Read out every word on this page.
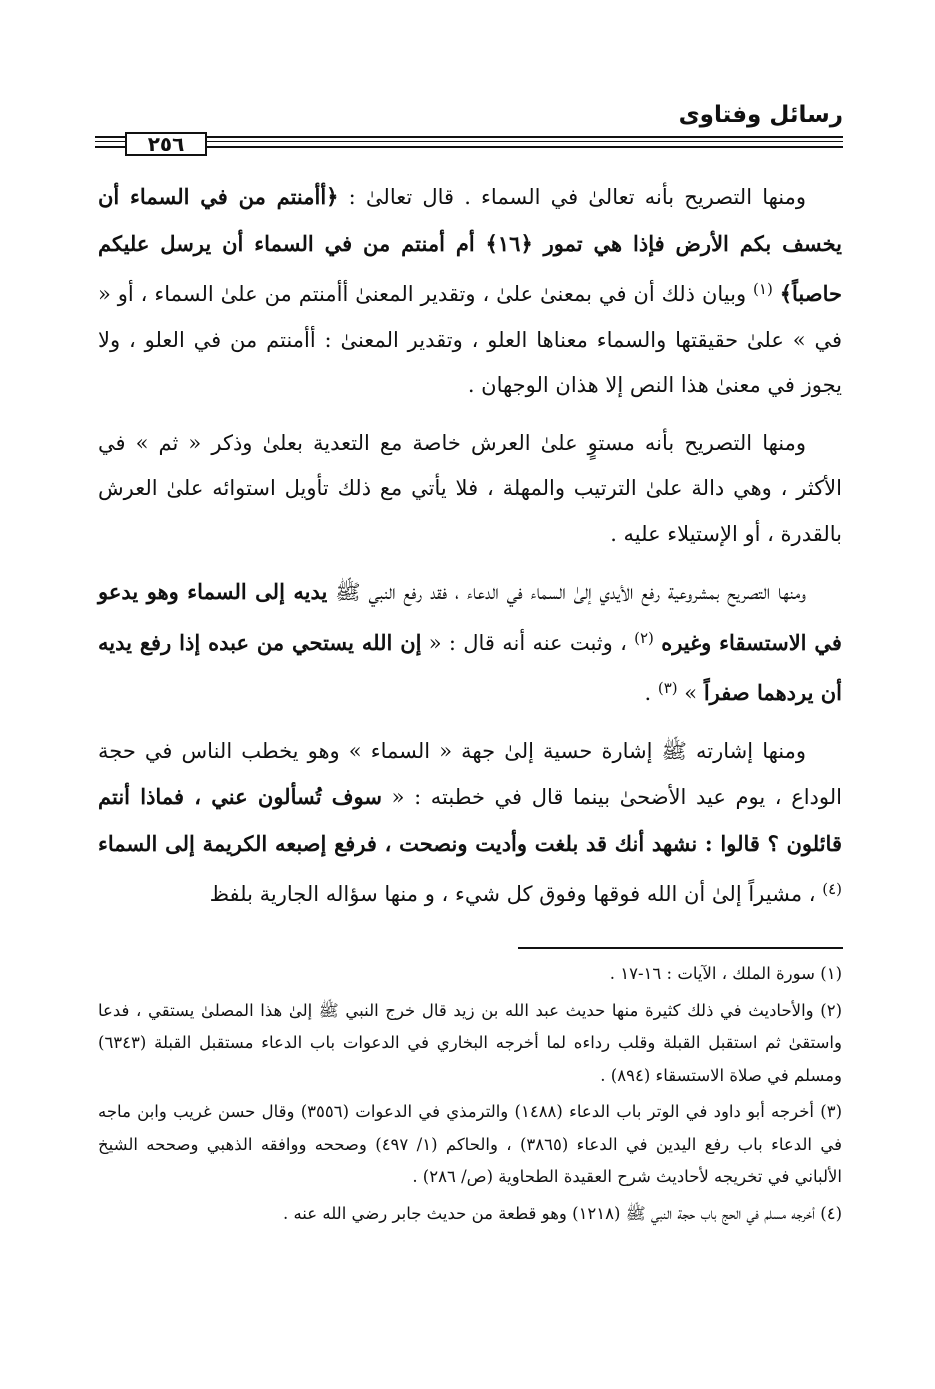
رسائل وفتاوى
٢٥٦

ومنها التصريح بأنه تعالىٰ في السماء . قال تعالىٰ : ﴿أأمنتم من في السماء أن يخسف بكم الأرض فإذا هي تمور ﴿١٦﴾ أم أمنتم من في السماء أن يرسل عليكم حاصباً﴾ $^{(١)}$ وبيان ذلك أن في بمعنىٰ علىٰ ، وتقدير المعنىٰ أأمنتم من علىٰ السماء ، أو « في » علىٰ حقيقتها والسماء معناها العلو ، وتقدير المعنىٰ : أأمنتم من في العلو ، ولا يجوز في معنىٰ هذا النص إلا هذان الوجهان .

ومنها التصريح بأنه مستوٍ علىٰ العرش خاصة مع التعدية بعلىٰ وذكر « ثم » في الأكثر ، وهي دالة علىٰ الترتيب والمهلة ، فلا يأتي مع ذلك تأويل استوائه علىٰ العرش بالقدرة ، أو الإستيلاء عليه .

ومنها التصريح بمشروعية رفع الأيدي إلىٰ السماء في الدعاء ، فقد رفع النبي ﷺ يديه إلى السماء وهو يدعو في الاستسقاء وغيره $^{(٢)}$ ، وثبت عنه أنه قال : « إن الله يستحي من عبده إذا رفع يديه أن يردهما صفراً » $^{(٣)}$ .

ومنها إشارته ﷺ إشارة حسية إلىٰ جهة « السماء » وهو يخطب الناس في حجة الوداع ، يوم عيد الأضحىٰ بينما قال في خطبته : « سوف تُسألون عني ، فماذا أنتم قائلون ؟ قالوا : نشهد أنك قد بلغت وأديت ونصحت ، فرفع إصبعه الكريمة إلى السماء $^{(٤)}$ ، مشيراً إلىٰ أن الله فوقها وفوق كل شيء ، و منها سؤاله الجارية بلفظ

(١) سورة الملك ، الآيات : ١٦-١٧ .

(٢) والأحاديث في ذلك كثيرة منها حديث عبد الله بن زيد قال خرج النبي ﷺ إلىٰ هذا المصلىٰ يستقي ، فدعا واستقىٰ ثم استقبل القبلة وقلب رداءه لما أخرجه البخاري في الدعوات باب الدعاء مستقبل القبلة (٦٣٤٣) ومسلم في صلاة الاستسقاء (٨٩٤) .

(٣) أخرجه أبو داود في الوتر باب الدعاء (١٤٨٨) والترمذي في الدعوات (٣٥٥٦) وقال حسن غريب وابن ماجه في الدعاء باب رفع اليدين في الدعاء (٣٨٦٥) ، والحاكم (١/ ٤٩٧) وصححه ووافقه الذهبي وصححه الشيخ الألباني في تخريجه لأحاديث شرح العقيدة الطحاوية (ص/ ٢٨٦) .

(٤) أخرجه مسلم في الحج باب حجة النبي ﷺ (١٢١٨) وهو قطعة من حديث جابر رضي الله عنه .
